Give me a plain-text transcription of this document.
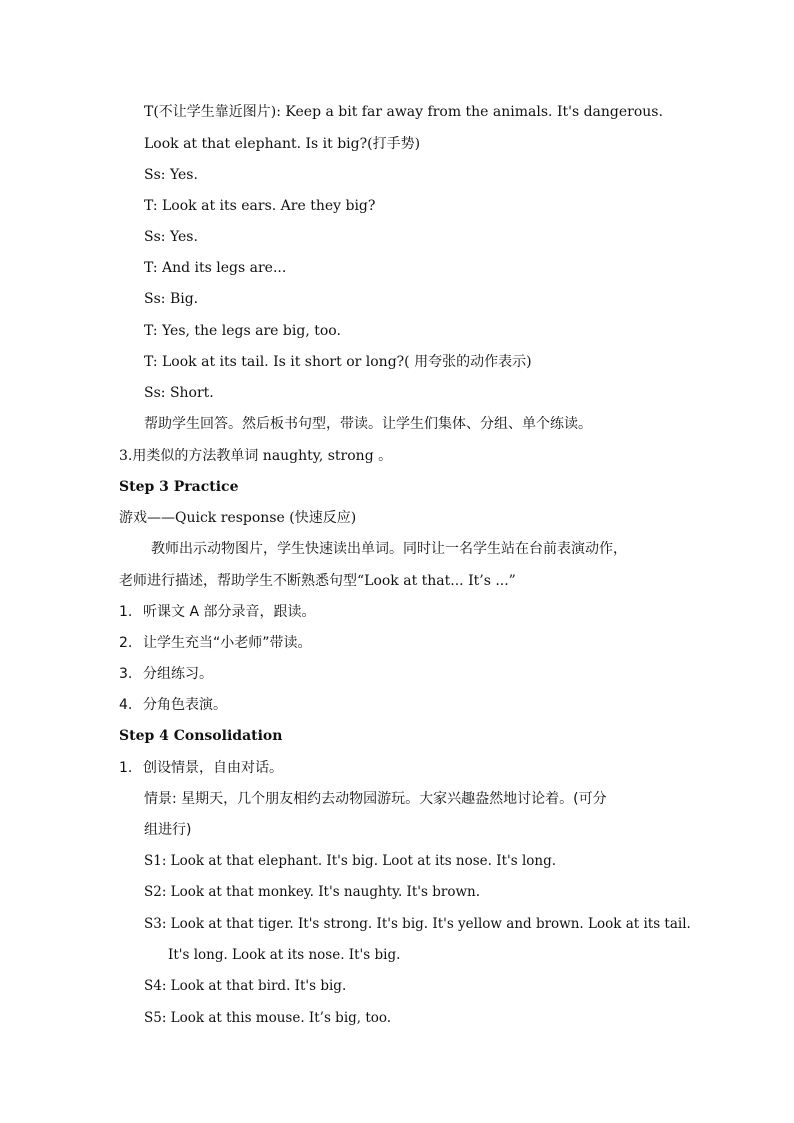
T(不让学生靠近图片): Keep a bit far away from the animals. It's dangerous.
Look at that elephant. Is it big?(打手势)
Ss: Yes.
T: Look at its ears. Are they big?
Ss: Yes.
T: And its legs are...
Ss: Big.
T: Yes, the legs are big, too.
T: Look at its tail. Is it short or long?( 用夸张的动作表示)
Ss: Short.
帮助学生回答。然后板书句型，带读。让学生们集体、分组、单个练读。
3.用类似的方法教单词 naughty, strong 。
Step 3 Practice
游戏——Quick response (快速反应)
教师出示动物图片，学生快速读出单词。同时让一名学生站在台前表演动作，
老师进行描述，帮助学生不断熟悉句型“Look at that... It’s ...”
1. 听课文 A 部分录音，跟读。
2. 让学生充当“小老师”带读。
3. 分组练习。
4. 分角色表演。
Step 4 Consolidation
1. 创设情景，自由对话。
情景: 星期天，几个朋友相约去动物园游玩。大家兴趣盎然地讨论着。(可分
组进行)
S1: Look at that elephant. It's big. Loot at its nose. It's long.
S2: Look at that monkey. It's naughty. It's brown.
S3: Look at that tiger. It's strong. It's big. It's yellow and brown. Look at its tail.
It's long. Look at its nose. It's big.
S4: Look at that bird. It's big.
S5: Look at this mouse. It’s big, too.
